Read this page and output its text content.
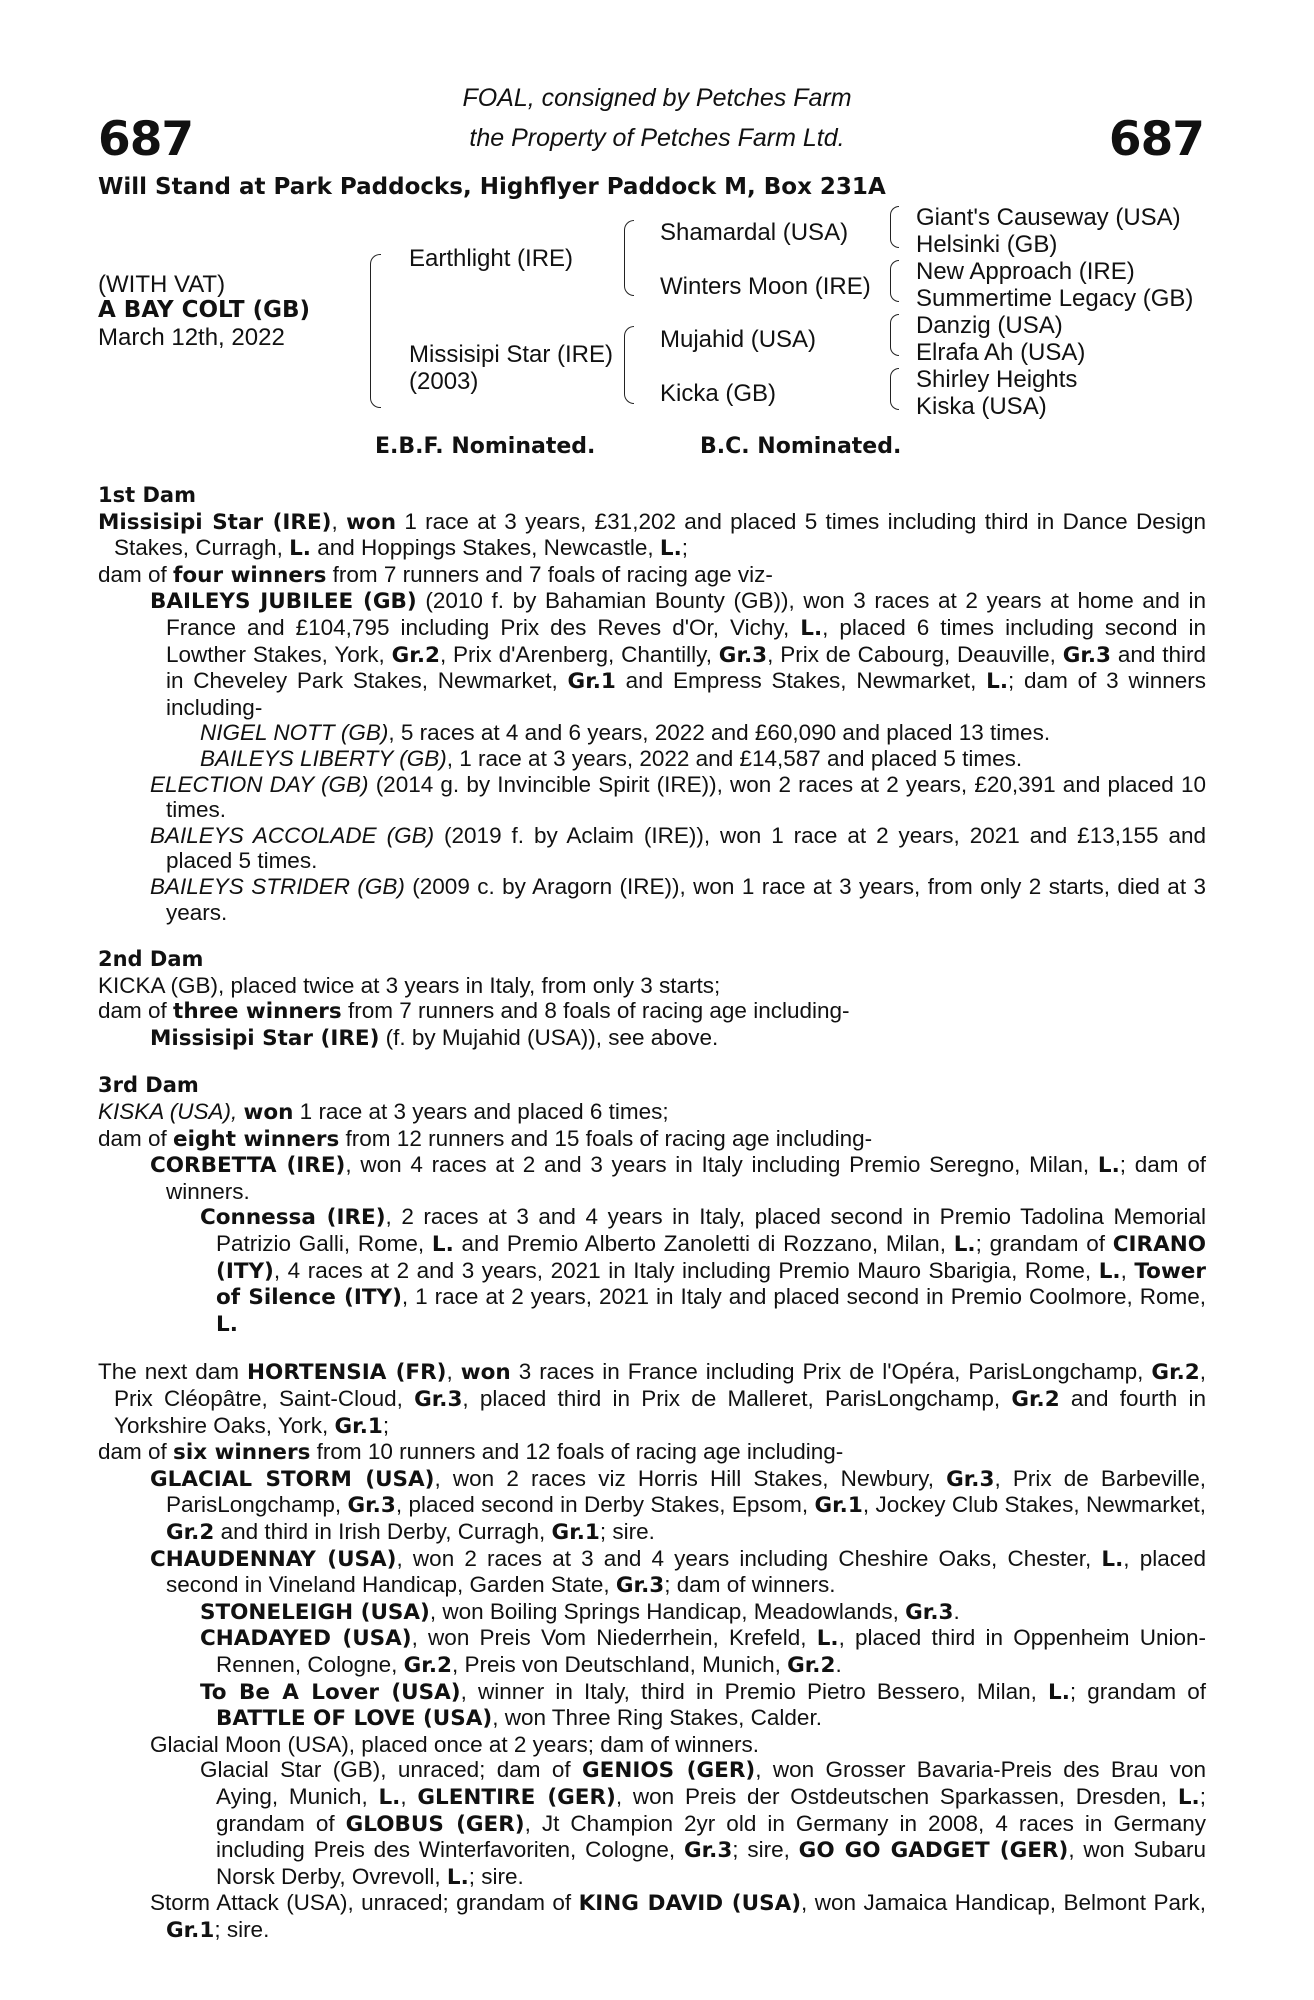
687	687
FOAL, consigned by Petches Farm
the Property of Petches Farm Ltd.
Will Stand at Park Paddocks, Highflyer Paddock M, Box 231A
(WITH VAT)
A BAY COLT (GB)
March 12th, 2022
Earthlight (IRE)
Missisipi Star (IRE)
(2003)
Shamardal (USA)
Winters Moon (IRE)
Mujahid (USA)
Kicka (GB)
Giant's Causeway (USA)
Helsinki (GB)
New Approach (IRE)
Summertime Legacy (GB)
Danzig (USA)
Elrafa Ah (USA)
Shirley Heights
Kiska (USA)
E.B.F. Nominated.	B.C. Nominated.
1st Dam
Missisipi Star (IRE), won 1 race at 3 years, £31,202 and placed 5 times including third in Dance Design Stakes, Curragh, L. and Hoppings Stakes, Newcastle, L.;
dam of four winners from 7 runners and 7 foals of racing age viz-
BAILEYS JUBILEE (GB) (2010 f. by Bahamian Bounty (GB)), won 3 races at 2 years at home and in France and £104,795 including Prix des Reves d'Or, Vichy, L., placed 6 times including second in Lowther Stakes, York, Gr.2, Prix d'Arenberg, Chantilly, Gr.3, Prix de Cabourg, Deauville, Gr.3 and third in Cheveley Park Stakes, Newmarket, Gr.1 and Empress Stakes, Newmarket, L.; dam of 3 winners including-
NIGEL NOTT (GB), 5 races at 4 and 6 years, 2022 and £60,090 and placed 13 times.
BAILEYS LIBERTY (GB), 1 race at 3 years, 2022 and £14,587 and placed 5 times.
ELECTION DAY (GB) (2014 g. by Invincible Spirit (IRE)), won 2 races at 2 years, £20,391 and placed 10 times.
BAILEYS ACCOLADE (GB) (2019 f. by Aclaim (IRE)), won 1 race at 2 years, 2021 and £13,155 and placed 5 times.
BAILEYS STRIDER (GB) (2009 c. by Aragorn (IRE)), won 1 race at 3 years, from only 2 starts, died at 3 years.
2nd Dam
KICKA (GB), placed twice at 3 years in Italy, from only 3 starts;
dam of three winners from 7 runners and 8 foals of racing age including-
Missisipi Star (IRE) (f. by Mujahid (USA)), see above.
3rd Dam
KISKA (USA), won 1 race at 3 years and placed 6 times;
dam of eight winners from 12 runners and 15 foals of racing age including-
CORBETTA (IRE), won 4 races at 2 and 3 years in Italy including Premio Seregno, Milan, L.; dam of winners.
Connessa (IRE), 2 races at 3 and 4 years in Italy, placed second in Premio Tadolina Memorial Patrizio Galli, Rome, L. and Premio Alberto Zanoletti di Rozzano, Milan, L.; grandam of CIRANO (ITY), 4 races at 2 and 3 years, 2021 in Italy including Premio Mauro Sbarigia, Rome, L., Tower of Silence (ITY), 1 race at 2 years, 2021 in Italy and placed second in Premio Coolmore, Rome, L.
The next dam HORTENSIA (FR), won 3 races in France including Prix de l'Opéra, ParisLongchamp, Gr.2, Prix Cléopâtre, Saint-Cloud, Gr.3, placed third in Prix de Malleret, ParisLongchamp, Gr.2 and fourth in Yorkshire Oaks, York, Gr.1;
dam of six winners from 10 runners and 12 foals of racing age including-
GLACIAL STORM (USA), won 2 races viz Horris Hill Stakes, Newbury, Gr.3, Prix de Barbeville, ParisLongchamp, Gr.3, placed second in Derby Stakes, Epsom, Gr.1, Jockey Club Stakes, Newmarket, Gr.2 and third in Irish Derby, Curragh, Gr.1; sire.
CHAUDENNAY (USA), won 2 races at 3 and 4 years including Cheshire Oaks, Chester, L., placed second in Vineland Handicap, Garden State, Gr.3; dam of winners.
STONELEIGH (USA), won Boiling Springs Handicap, Meadowlands, Gr.3.
CHADAYED (USA), won Preis Vom Niederrhein, Krefeld, L., placed third in Oppenheim Union-Rennen, Cologne, Gr.2, Preis von Deutschland, Munich, Gr.2.
To Be A Lover (USA), winner in Italy, third in Premio Pietro Bessero, Milan, L.; grandam of BATTLE OF LOVE (USA), won Three Ring Stakes, Calder.
Glacial Moon (USA), placed once at 2 years; dam of winners.
Glacial Star (GB), unraced; dam of GENIOS (GER), won Grosser Bavaria-Preis des Brau von Aying, Munich, L., GLENTIRE (GER), won Preis der Ostdeutschen Sparkassen, Dresden, L.; grandam of GLOBUS (GER), Jt Champion 2yr old in Germany in 2008, 4 races in Germany including Preis des Winterfavoriten, Cologne, Gr.3; sire, GO GO GADGET (GER), won Subaru Norsk Derby, Ovrevoll, L.; sire.
Storm Attack (USA), unraced; grandam of KING DAVID (USA), won Jamaica Handicap, Belmont Park, Gr.1; sire.
